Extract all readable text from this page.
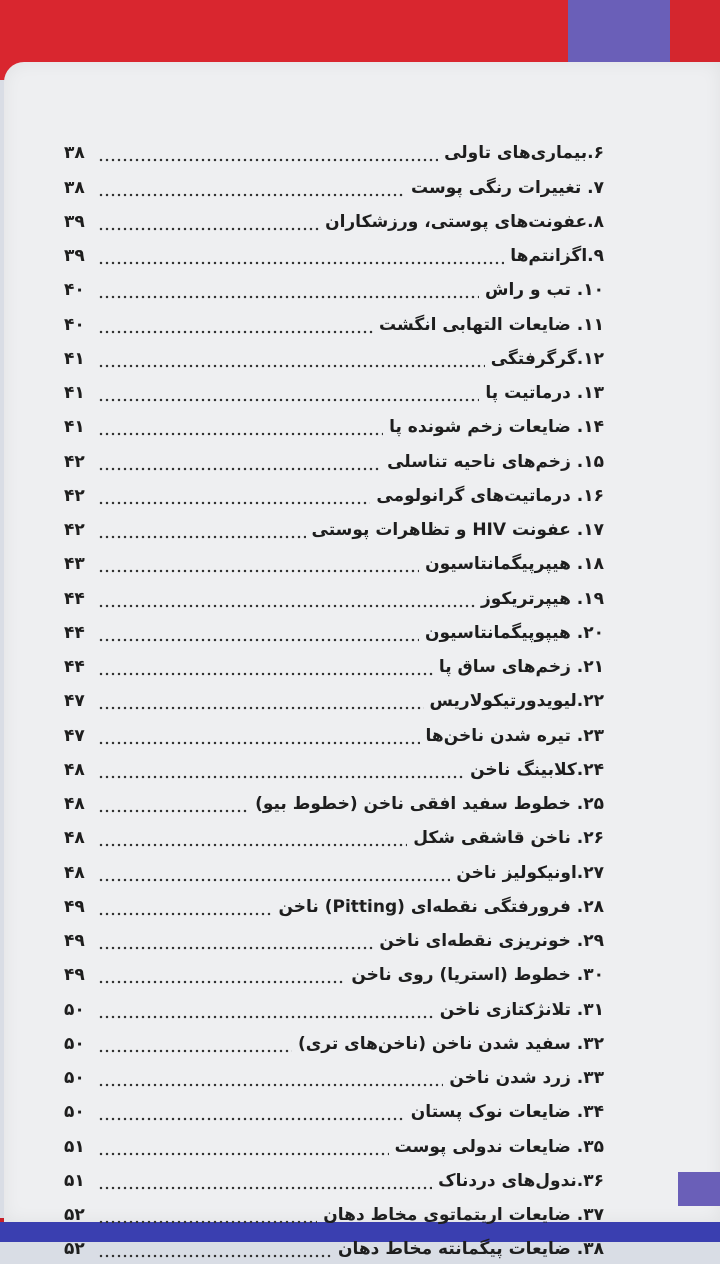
۶.بیماری‌های تاولی
۳۸
۷. تغییرات رنگی پوست
۳۸
۸.عفونت‌های پوستی، ورزشکاران
۳۹
۹.اگزانتم‌ها
۳۹
۱۰. تب و راش
۴۰
۱۱. ضایعات التهابی انگشت
۴۰
۱۲.گرگرفتگی
۴۱
۱۳. درماتیت پا
۴۱
۱۴. ضایعات زخم شونده پا
۴۱
۱۵. زخم‌های ناحیه تناسلی
۴۲
۱۶. درماتیت‌های گرانولومی
۴۲
۱۷. عفونت HIV و تظاهرات پوستی
۴۲
۱۸. هیپرپیگمانتاسیون
۴۳
۱۹. هیپرتریکوز
۴۴
۲۰. هیپوپیگمانتاسیون
۴۴
۲۱. زخم‌های ساق پا
۴۴
۲۲.لیویدورتیکولاریس
۴۷
۲۳. تیره شدن ناخن‌ها
۴۷
۲۴.کلابینگ ناخن
۴۸
۲۵. خطوط سفید افقی ناخن (خطوط بیو)
۴۸
۲۶. ناخن قاشقی شکل
۴۸
۲۷.اونیکولیز ناخن
۴۸
۲۸. فرورفتگی نقطه‌ای (Pitting) ناخن
۴۹
۲۹. خونریزی نقطه‌ای ناخن
۴۹
۳۰. خطوط (استریا) روی ناخن
۴۹
۳۱. تلانژکتازی ناخن
۵۰
۳۲. سفید شدن ناخن (ناخن‌های تری)
۵۰
۳۳. زرد شدن ناخن
۵۰
۳۴. ضایعات نوک پستان
۵۰
۳۵. ضایعات ندولی پوست
۵۱
۳۶.ندول‌های دردناک
۵۱
۳۷. ضایعات اریتماتوی مخاط دهان
۵۲
۳۸. ضایعات پیگمانته مخاط دهان
۵۲
